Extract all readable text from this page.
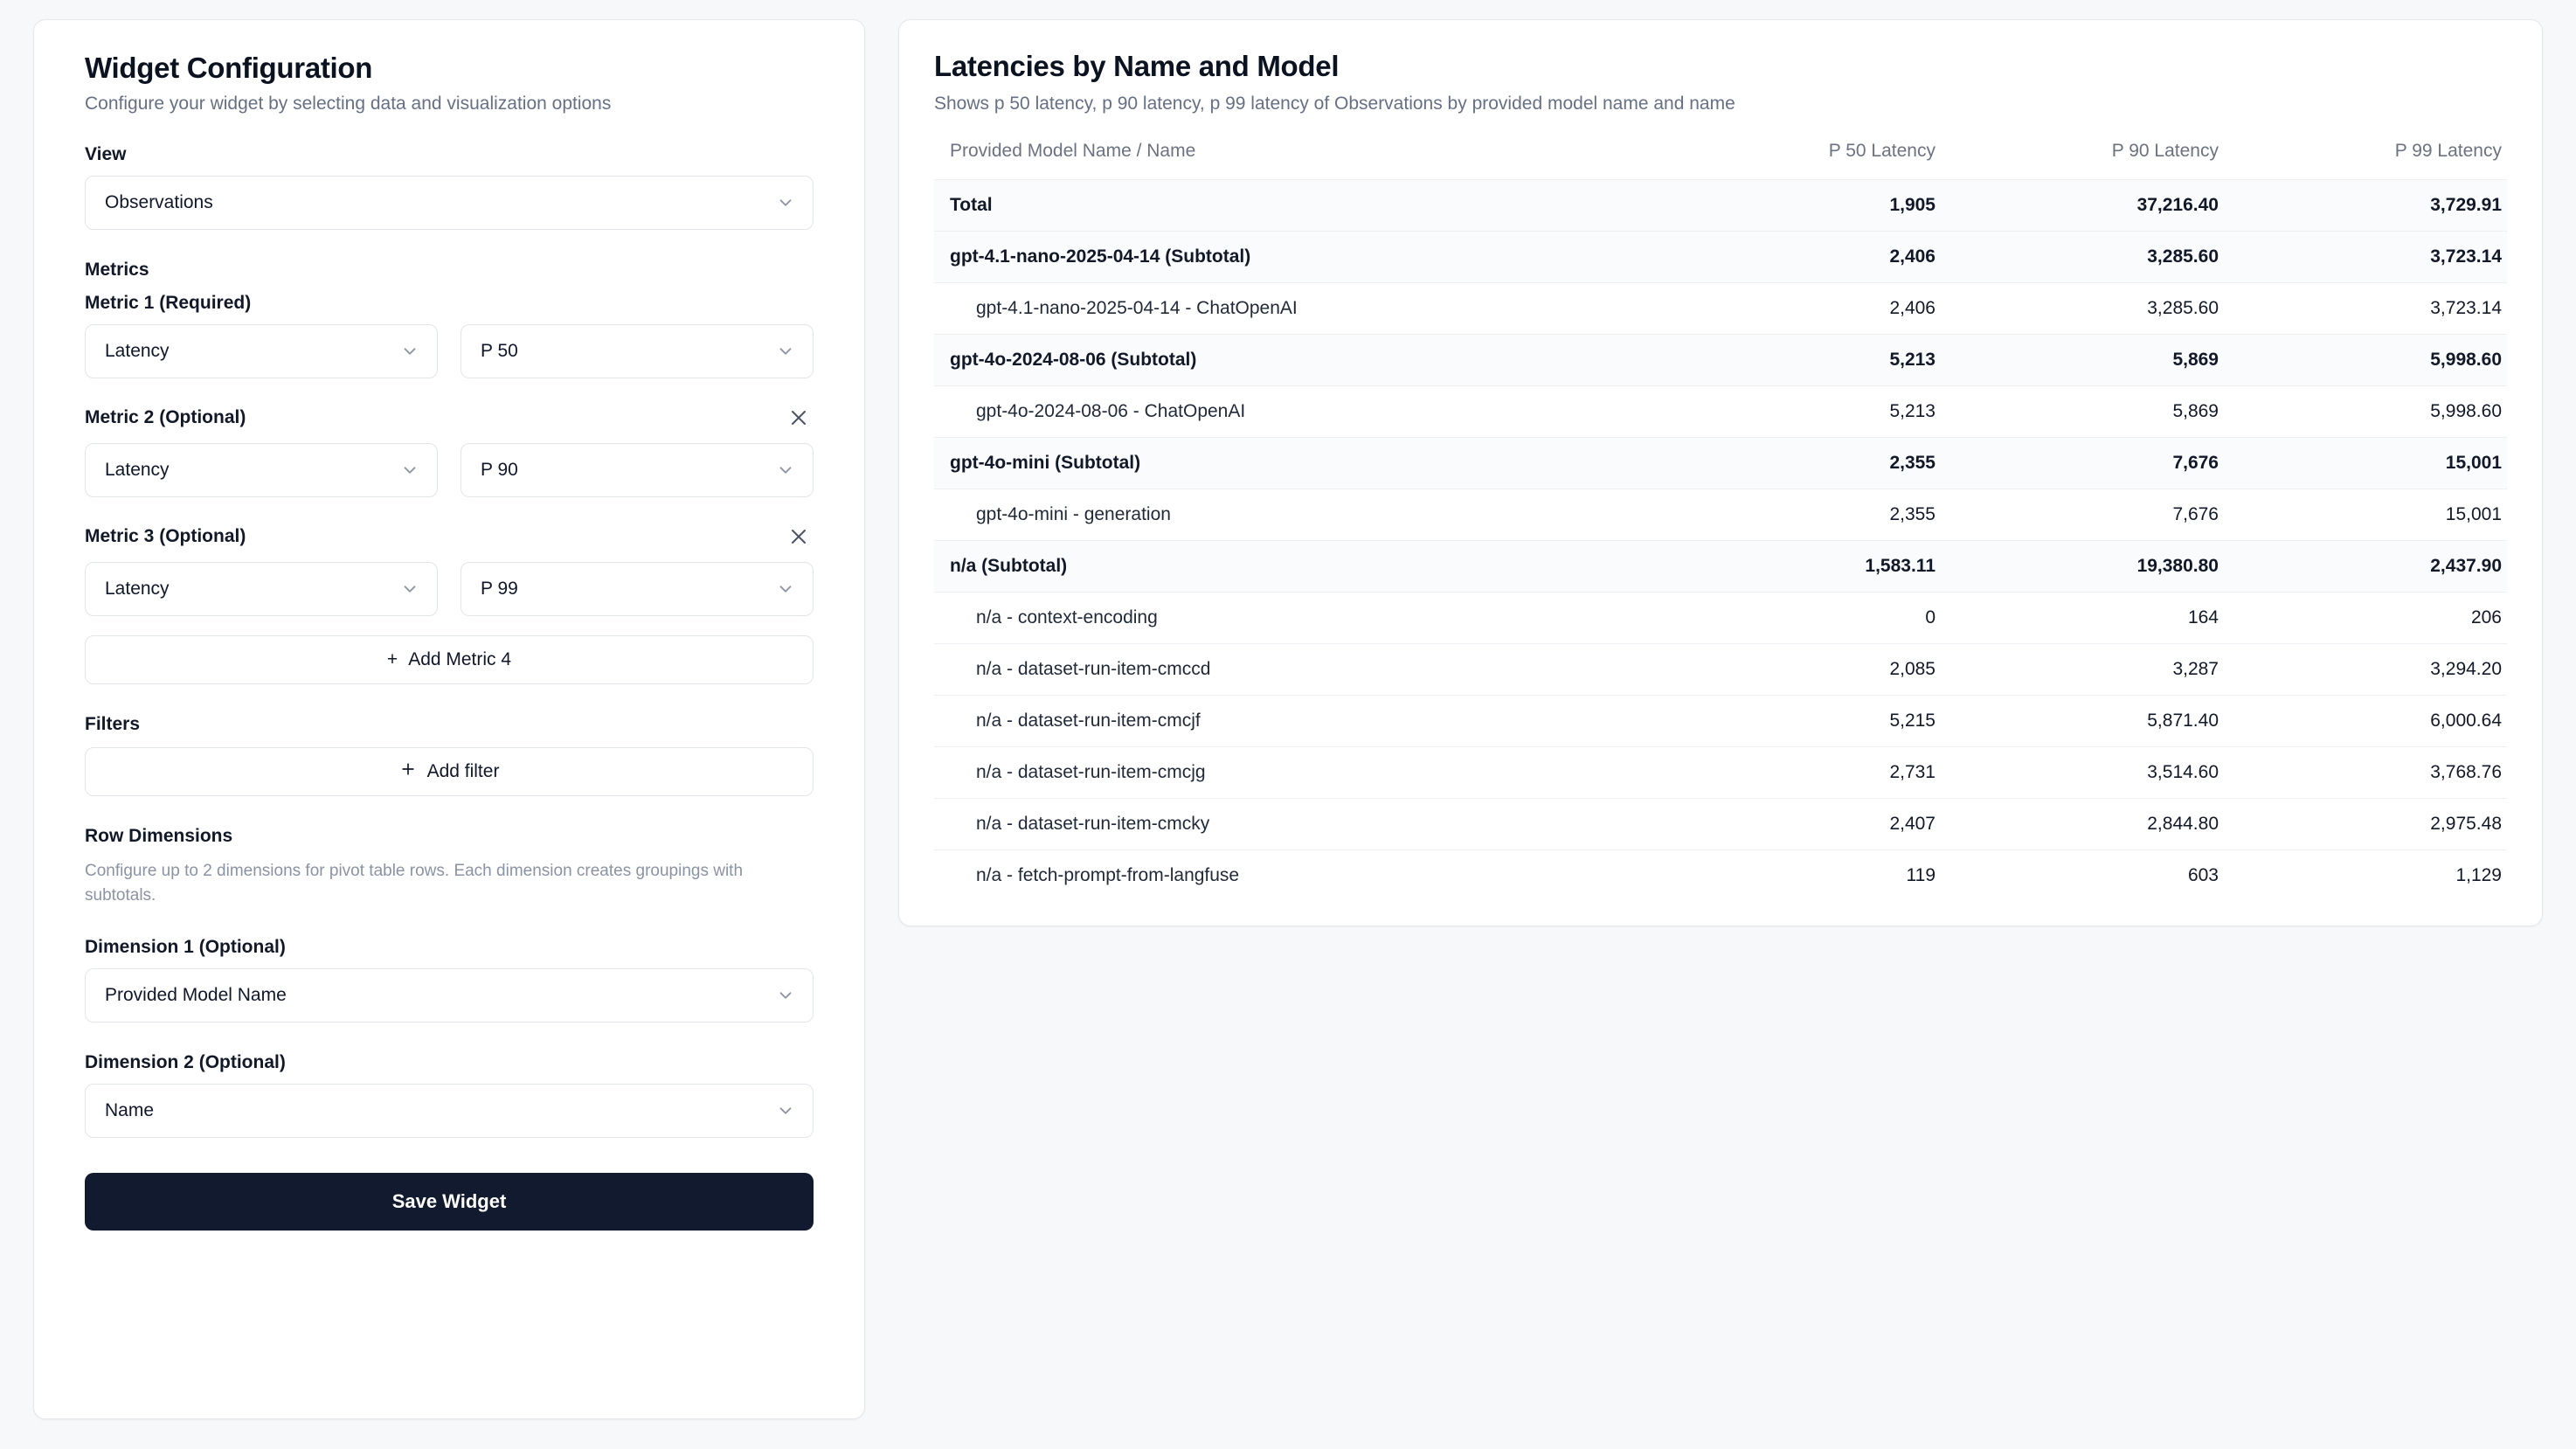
Widget Configuration

Configure your widget by selecting data and visualization options

View
Observations
Metrics
Metric 1 (Required)
Latency	P 50
Metric 2 (Optional)
Latency	P 90
Metric 3 (Optional)
Latency	P 99
+ Add Metric 4
Filters
Add filter
Row Dimensions

Configure up to 2 dimensions for pivot table rows. Each dimension creates groupings with subtotals.

Dimension 1 (Optional)
Provided Model Name
Dimension 2 (Optional)
Name
Save Widget
Latencies by Name and Model

Shows p 50 latency, p 90 latency, p 99 latency of Observations by provided model name and name

Provided Model Name / Name	P 50 Latency	P 90 Latency	P 99 Latency
Total	1,905	37,216.40	3,729.91
gpt-4.1-nano-2025-04-14 (Subtotal)	2,406	3,285.60	3,723.14
gpt-4.1-nano-2025-04-14 - ChatOpenAI	2,406	3,285.60	3,723.14
gpt-4o-2024-08-06 (Subtotal)	5,213	5,869	5,998.60
gpt-4o-2024-08-06 - ChatOpenAI	5,213	5,869	5,998.60
gpt-4o-mini (Subtotal)	2,355	7,676	15,001
gpt-4o-mini - generation	2,355	7,676	15,001
n/a (Subtotal)	1,583.11	19,380.80	2,437.90
n/a - context-encoding	0	164	206
n/a - dataset-run-item-cmccd	2,085	3,287	3,294.20
n/a - dataset-run-item-cmcjf	5,215	5,871.40	6,000.64
n/a - dataset-run-item-cmcjg	2,731	3,514.60	3,768.76
n/a - dataset-run-item-cmcky	2,407	2,844.80	2,975.48
n/a - fetch-prompt-from-langfuse	119	603	1,129
